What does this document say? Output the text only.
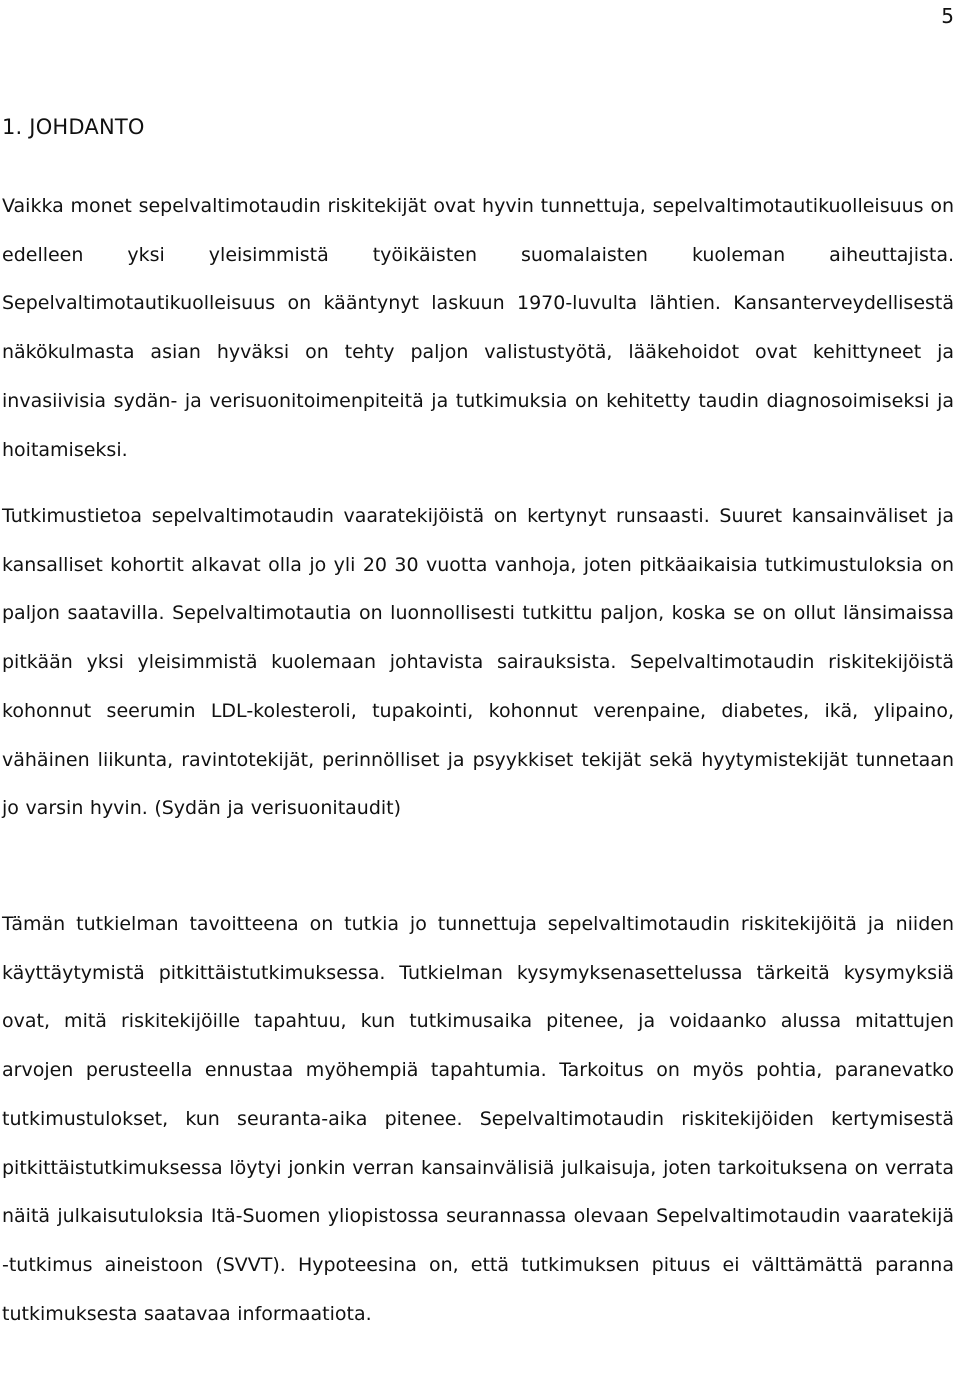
5
1. JOHDANTO

Vaikka monet sepelvaltimotaudin riskitekijät ovat hyvin tunnettuja, sepelvaltimotautikuolleisuus on edelleen yksi yleisimmistä työikäisten suomalaisten kuoleman aiheuttajista. Sepelvaltimotautikuolleisuus on kääntynyt laskuun 1970-luvulta lähtien. Kansanterveydellisestä näkökulmasta asian hyväksi on tehty paljon valistustyötä, lääkehoidot ovat kehittyneet ja invasiivisia sydän- ja verisuonitoimenpiteitä ja tutkimuksia on kehitetty taudin diagnosoimiseksi ja hoitamiseksi.

Tutkimustietoa sepelvaltimotaudin vaaratekijöistä on kertynyt runsaasti. Suuret kansainväliset ja kansalliset kohortit alkavat olla jo yli 20 30 vuotta vanhoja, joten pitkäaikaisia tutkimustuloksia on paljon saatavilla. Sepelvaltimotautia on luonnollisesti tutkittu paljon, koska se on ollut länsimaissa pitkään yksi yleisimmistä kuolemaan johtavista sairauksista. Sepelvaltimotaudin riskitekijöistä kohonnut seerumin LDL-kolesteroli, tupakointi, kohonnut verenpaine, diabetes, ikä, ylipaino, vähäinen liikunta, ravintotekijät, perinnölliset ja psyykkiset tekijät sekä hyytymistekijät tunnetaan jo varsin hyvin. (Sydän ja verisuonitaudit)

Tämän tutkielman tavoitteena on tutkia jo tunnettuja sepelvaltimotaudin riskitekijöitä ja niiden käyttäytymistä pitkittäistutkimuksessa. Tutkielman kysymyksenasettelussa tärkeitä kysymyksiä ovat, mitä riskitekijöille tapahtuu, kun tutkimusaika pitenee, ja voidaanko alussa mitattujen arvojen perusteella ennustaa myöhempiä tapahtumia. Tarkoitus on myös pohtia, paranevatko tutkimustulokset, kun seuranta-aika pitenee. Sepelvaltimotaudin riskitekijöiden kertymisestä pitkittäistutkimuksessa löytyi jonkin verran kansainvälisiä julkaisuja, joten tarkoituksena on verrata näitä julkaisutuloksia Itä-Suomen yliopistossa seurannassa olevaan Sepelvaltimotaudin vaaratekijä -tutkimus aineistoon (SVVT). Hypoteesina on, että tutkimuksen pituus ei välttämättä paranna tutkimuksesta saatavaa informaatiota.
